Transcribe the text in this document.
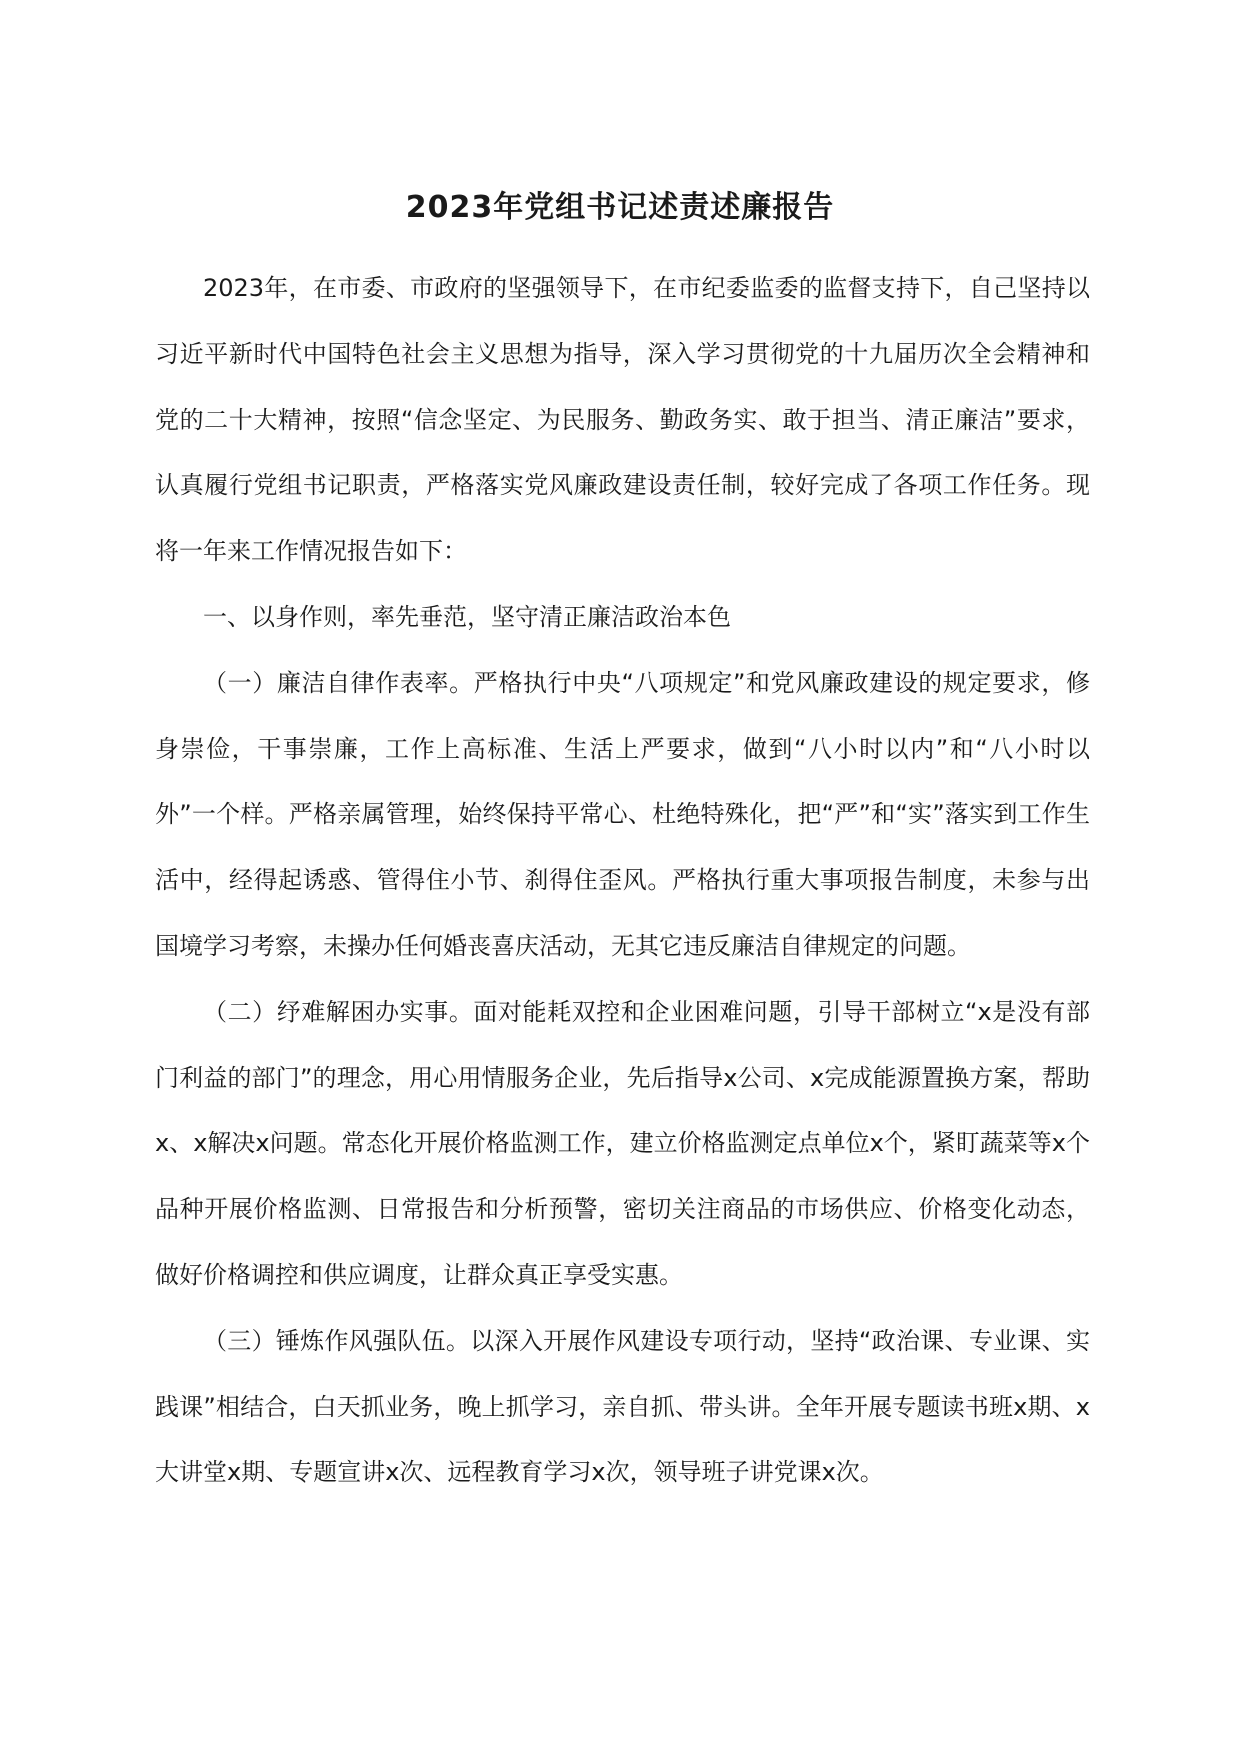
2023年党组书记述责述廉报告

2023年，在市委、市政府的坚强领导下，在市纪委监委的监督支持下，自己坚持以习近平新时代中国特色社会主义思想为指导，深入学习贯彻党的十九届历次全会精神和党的二十大精神，按照“信念坚定、为民服务、勤政务实、敢于担当、清正廉洁”要求，认真履行党组书记职责，严格落实党风廉政建设责任制，较好完成了各项工作任务。现将一年来工作情况报告如下：

一、以身作则，率先垂范，坚守清正廉洁政治本色

（一）廉洁自律作表率。严格执行中央“八项规定”和党风廉政建设的规定要求，修身崇俭，干事崇廉，工作上高标准、生活上严要求，做到“八小时以内”和“八小时以外”一个样。严格亲属管理，始终保持平常心、杜绝特殊化，把“严”和“实”落实到工作生活中，经得起诱惑、管得住小节、刹得住歪风。严格执行重大事项报告制度，未参与出国境学习考察，未操办任何婚丧喜庆活动，无其它违反廉洁自律规定的问题。

（二）纾难解困办实事。面对能耗双控和企业困难问题，引导干部树立“x是没有部门利益的部门”的理念，用心用情服务企业，先后指导x公司、x完成能源置换方案，帮助x、x解决x问题。常态化开展价格监测工作，建立价格监测定点单位x个，紧盯蔬菜等x个品种开展价格监测、日常报告和分析预警，密切关注商品的市场供应、价格变化动态，做好价格调控和供应调度，让群众真正享受实惠。

（三）锤炼作风强队伍。以深入开展作风建设专项行动，坚持“政治课、专业课、实践课”相结合，白天抓业务，晚上抓学习，亲自抓、带头讲。全年开展专题读书班x期、x大讲堂x期、专题宣讲x次、远程教育学习x次，领导班子讲党课x次。
